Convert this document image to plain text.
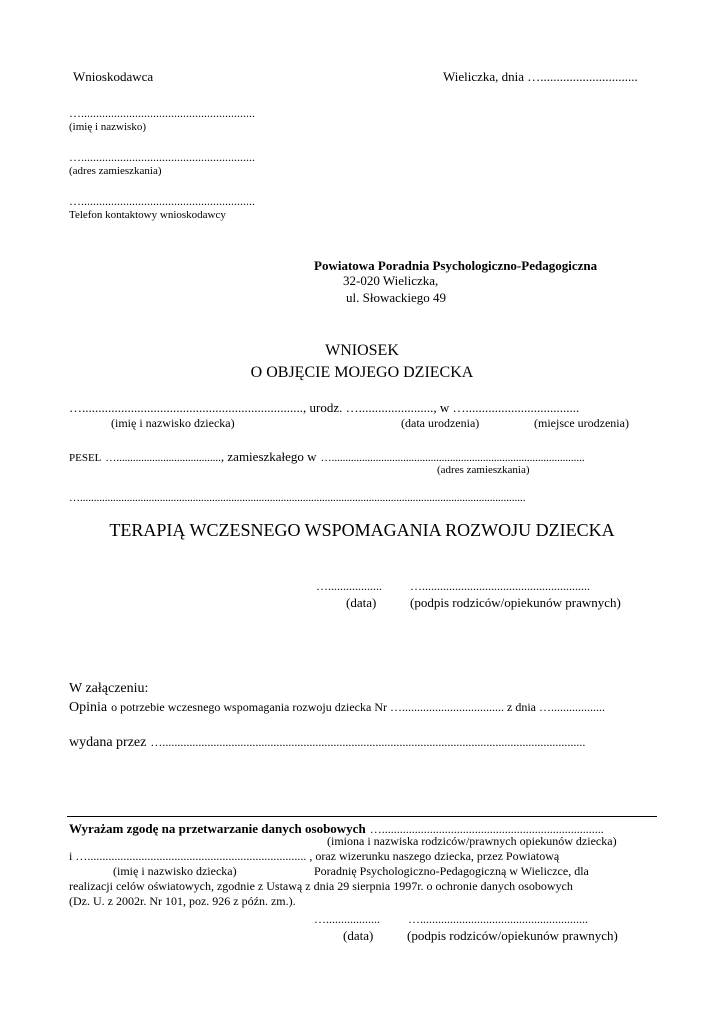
Wnioskodawca	Wieliczka, dnia …..............................
…..........................................................
(imię i nazwisko)
…..........................................................
(adres zamieszkania)
…..........................................................
Telefon kontaktowy wnioskodawcy
Powiatowa Poradnia Psychologiczno-Pedagogiczna
32-020 Wieliczka,
ul. Słowackiego 49
WNIOSEK
O OBJĘCIE MOJEGO DZIECKA
…...................................................................., urodz. …......................., w …...................................
(imię i nazwisko dziecka)	(data urodzenia)	(miejsce urodzenia)
PESEL …......................................, zamieszkałego w …............................................................................................
(adres zamieszkania)
…..................................................................................................................................................................
TERAPIĄ WCZESNEGO WSPOMAGANIA ROZWOJU DZIECKA
….................. …........................................................
(data)	(podpis rodziców/opiekunów prawnych)
W załączeniu:
Opinia o potrzebie wczesnego wspomagania rozwoju dziecka Nr ….................................. z dnia …..................
wydana przez ….............................................................................................................................................
Wyrażam zgodę na przetwarzanie danych osobowych …..........................................................................
(imiona i nazwiska rodziców/prawnych opiekunów dziecka)
i …......................................................................... , oraz wizerunku naszego dziecka, przez Powiatową
(imię i nazwisko dziecka)	Poradnię Psychologiczno-Pedagogiczną w Wieliczce, dla
realizacji celów oświatowych, zgodnie z Ustawą z dnia 29 sierpnia 1997r. o ochronie danych osobowych
(Dz. U. z 2002r. Nr 101, poz. 926 z późn. zm.).
….................. …........................................................
(data)	(podpis rodziców/opiekunów prawnych)
